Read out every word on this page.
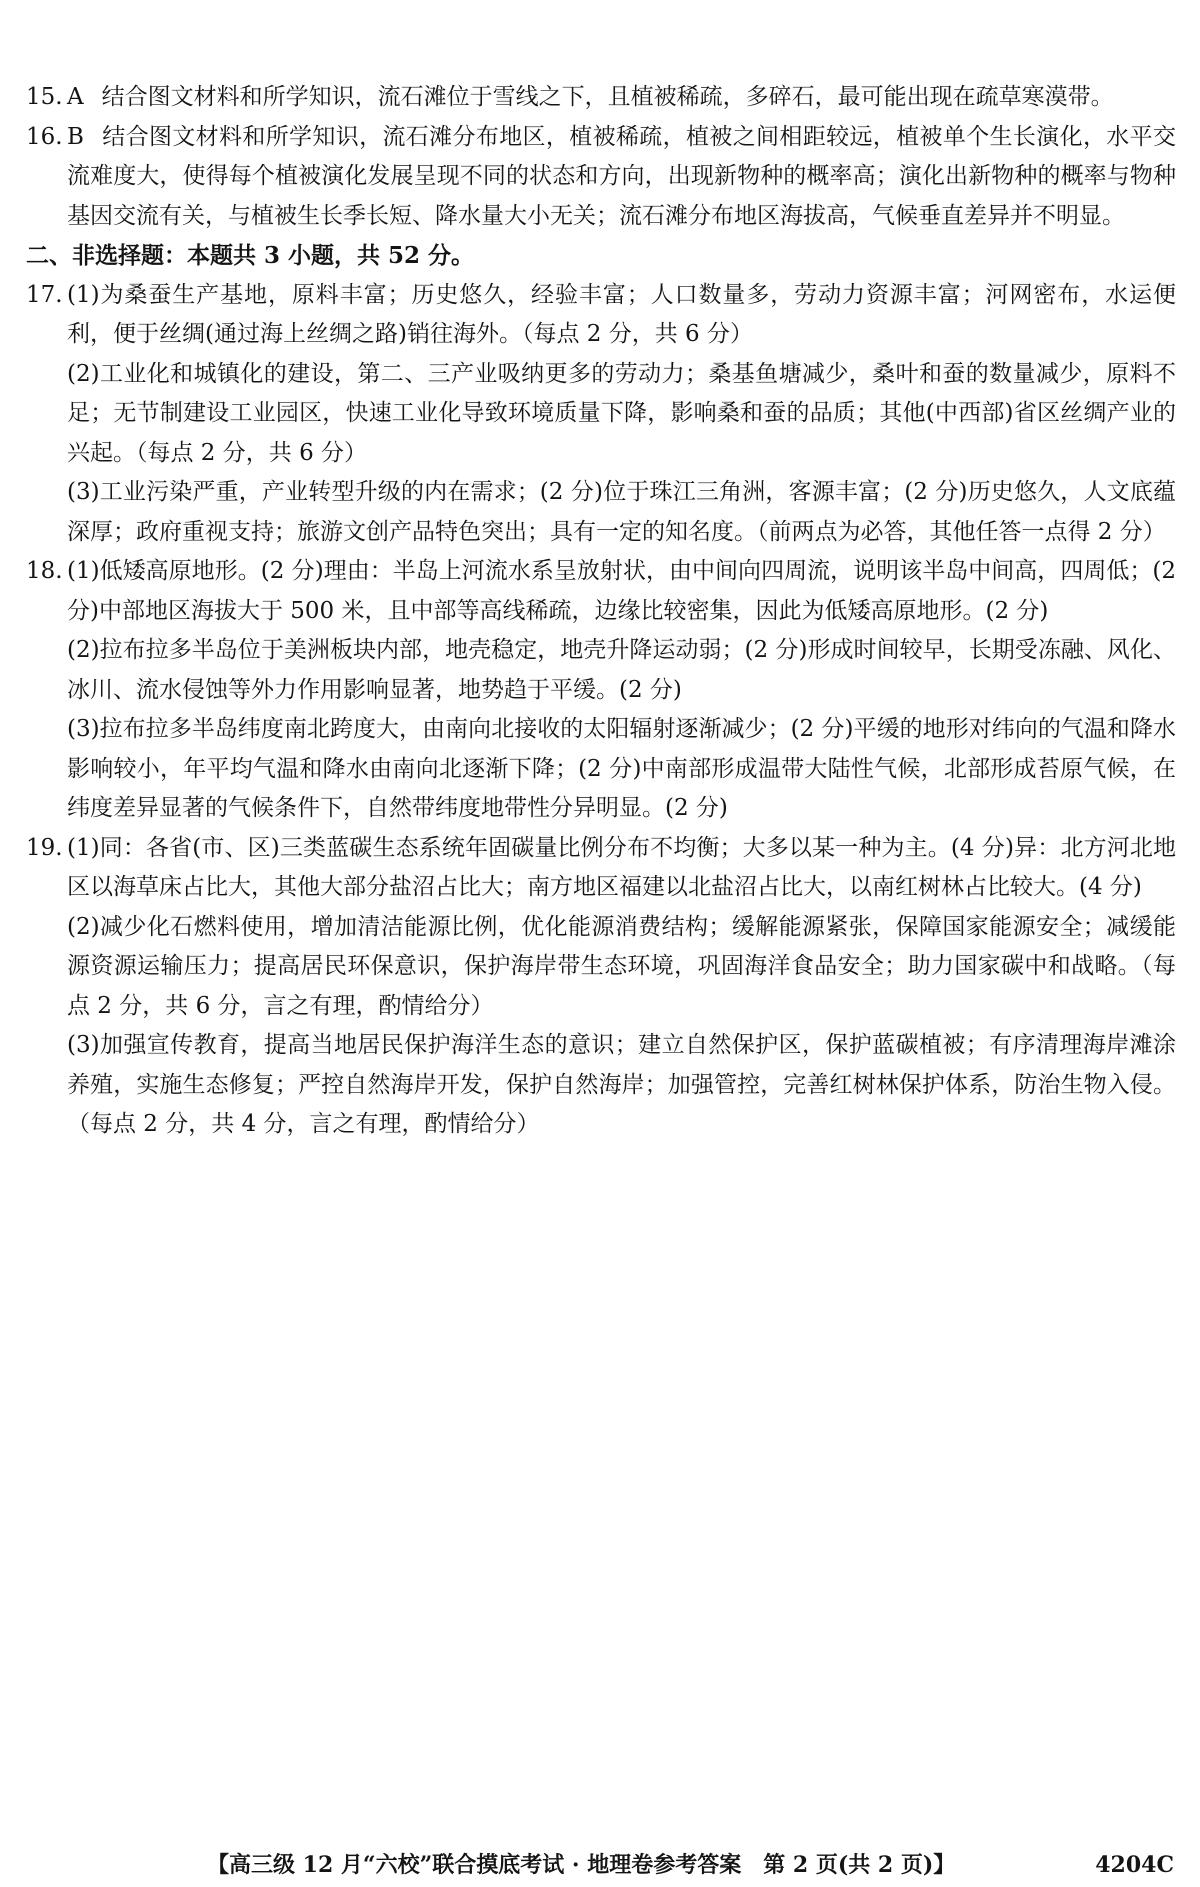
15. A 结合图文材料和所学知识，流石滩位于雪线之下，且植被稀疏，多碎石，最可能出现在疏草寒漠带。
16. B 结合图文材料和所学知识，流石滩分布地区，植被稀疏，植被之间相距较远，植被单个生长演化，水平交流难度大，使得每个植被演化发展呈现不同的状态和方向，出现新物种的概率高；演化出新物种的概率与物种基因交流有关，与植被生长季长短、降水量大小无关；流石滩分布地区海拔高，气候垂直差异并不明显。
二、非选择题：本题共 3 小题，共 52 分。
17. (1)为桑蚕生产基地，原料丰富；历史悠久，经验丰富；人口数量多，劳动力资源丰富；河网密布，水运便利，便于丝绸(通过海上丝绸之路)销往海外。（每点 2 分，共 6 分）
(2)工业化和城镇化的建设，第二、三产业吸纳更多的劳动力；桑基鱼塘减少，桑叶和蚕的数量减少，原料不足；无节制建设工业园区，快速工业化导致环境质量下降，影响桑和蚕的品质；其他(中西部)省区丝绸产业的兴起。（每点 2 分，共 6 分）
(3)工业污染严重，产业转型升级的内在需求；(2 分)位于珠江三角洲，客源丰富；(2 分)历史悠久，人文底蕴深厚；政府重视支持；旅游文创产品特色突出；具有一定的知名度。（前两点为必答，其他任答一点得 2 分）
18. (1)低矮高原地形。(2 分)理由：半岛上河流水系呈放射状，由中间向四周流，说明该半岛中间高，四周低；(2 分)中部地区海拔大于 500 米，且中部等高线稀疏，边缘比较密集，因此为低矮高原地形。(2 分)
(2)拉布拉多半岛位于美洲板块内部，地壳稳定，地壳升降运动弱；(2 分)形成时间较早，长期受冻融、风化、冰川、流水侵蚀等外力作用影响显著，地势趋于平缓。(2 分)
(3)拉布拉多半岛纬度南北跨度大，由南向北接收的太阳辐射逐渐减少；(2 分)平缓的地形对纬向的气温和降水影响较小，年平均气温和降水由南向北逐渐下降；(2 分)中南部形成温带大陆性气候，北部形成苔原气候，在纬度差异显著的气候条件下，自然带纬度地带性分异明显。(2 分)
19. (1)同：各省(市、区)三类蓝碳生态系统年固碳量比例分布不均衡；大多以某一种为主。(4 分)异：北方河北地区以海草床占比大，其他大部分盐沼占比大；南方地区福建以北盐沼占比大，以南红树林占比较大。(4 分)
(2)减少化石燃料使用，增加清洁能源比例，优化能源消费结构；缓解能源紧张，保障国家能源安全；减缓能源资源运输压力；提高居民环保意识，保护海岸带生态环境，巩固海洋食品安全；助力国家碳中和战略。（每点 2 分，共 6 分，言之有理，酌情给分）
(3)加强宣传教育，提高当地居民保护海洋生态的意识；建立自然保护区，保护蓝碳植被；有序清理海岸滩涂养殖，实施生态修复；严控自然海岸开发，保护自然海岸；加强管控，完善红树林保护体系，防治生物入侵。（每点 2 分，共 4 分，言之有理，酌情给分）
【高三级 12 月“六校”联合摸底考试 · 地理卷参考答案　第 2 页(共 2 页)】	4204C
